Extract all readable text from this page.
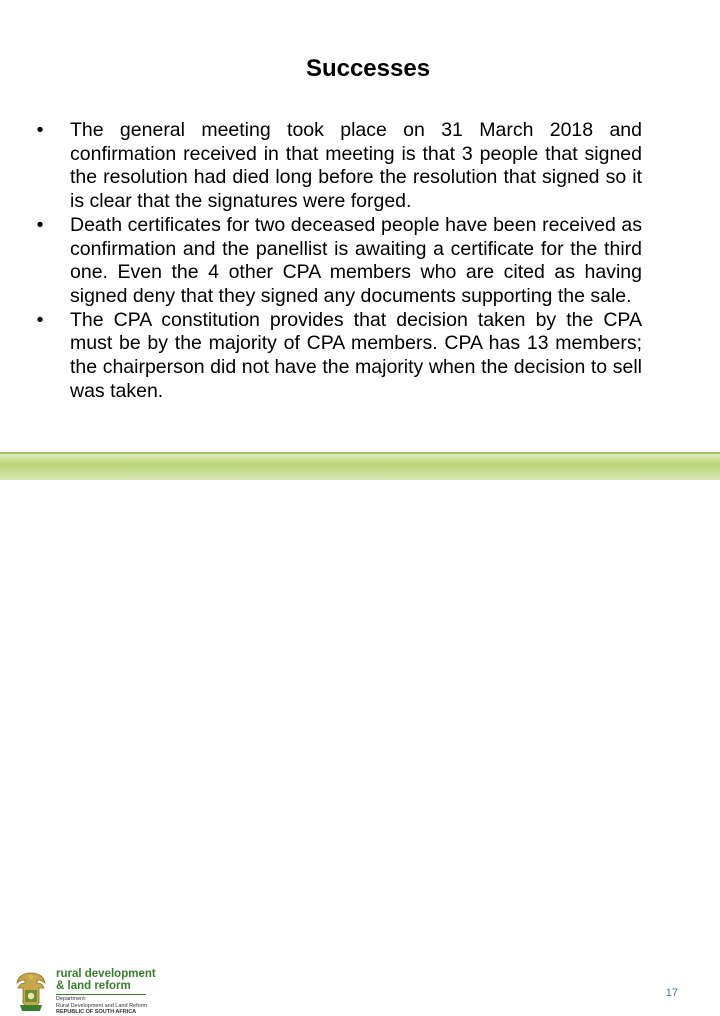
Successes
•	The general meeting took place on 31 March 2018 and confirmation received in that meeting is that 3 people that signed the resolution had died long before the resolution that signed so it is clear that the signatures were forged.
•	Death certificates for two deceased people have been received as confirmation and the panellist is awaiting a certificate for the third one. Even the 4 other CPA members who are cited as having signed deny that they signed any documents supporting the sale.
•	The CPA constitution provides that decision taken by the CPA must be by the majority of CPA members. CPA has 13 members; the chairperson did not have the majority when the decision to sell was taken.
rural development
& land reform
Department:
Rural Development and Land Reform
REPUBLIC OF SOUTH AFRICA
17
